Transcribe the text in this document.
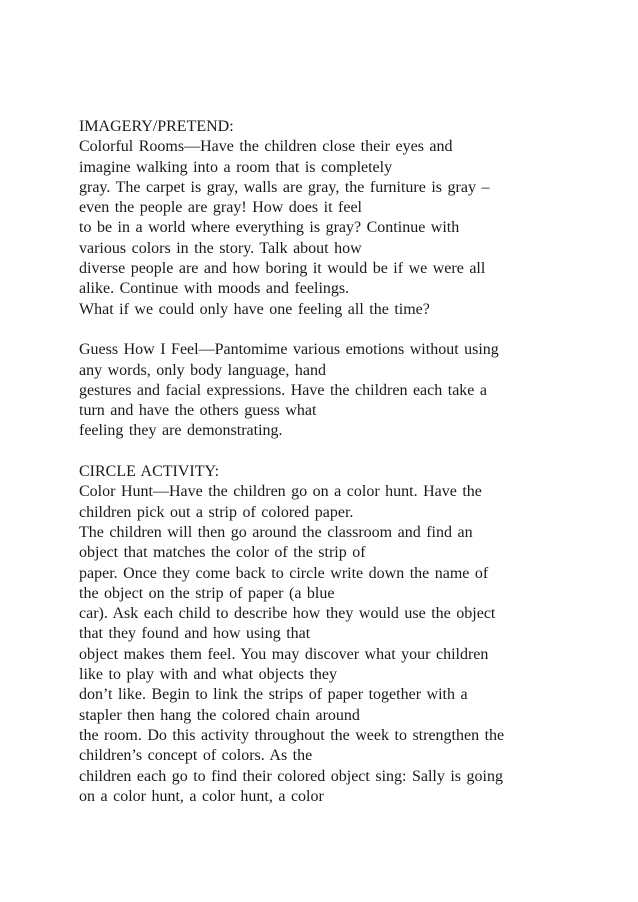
IMAGERY/PRETEND:
Colorful Rooms—Have the children close their eyes and
imagine walking into a room that is completely
gray. The carpet is gray, walls are gray, the furniture is gray –
even the people are gray! How does it feel
to be in a world where everything is gray? Continue with
various colors in the story. Talk about how
diverse people are and how boring it would be if we were all
alike. Continue with moods and feelings.
What if we could only have one feeling all the time?
Guess How I Feel—Pantomime various emotions without using
any words, only body language, hand
gestures and facial expressions. Have the children each take a
turn and have the others guess what
feeling they are demonstrating.
CIRCLE ACTIVITY:
Color Hunt—Have the children go on a color hunt. Have the
children pick out a strip of colored paper.
The children will then go around the classroom and find an
object that matches the color of the strip of
paper. Once they come back to circle write down the name of
the object on the strip of paper (a blue
car). Ask each child to describe how they would use the object
that they found and how using that
object makes them feel. You may discover what your children
like to play with and what objects they
don’t like. Begin to link the strips of paper together with a
stapler then hang the colored chain around
the room. Do this activity throughout the week to strengthen the
children’s concept of colors. As the
children each go to find their colored object sing: Sally is going
on a color hunt, a color hunt, a color
